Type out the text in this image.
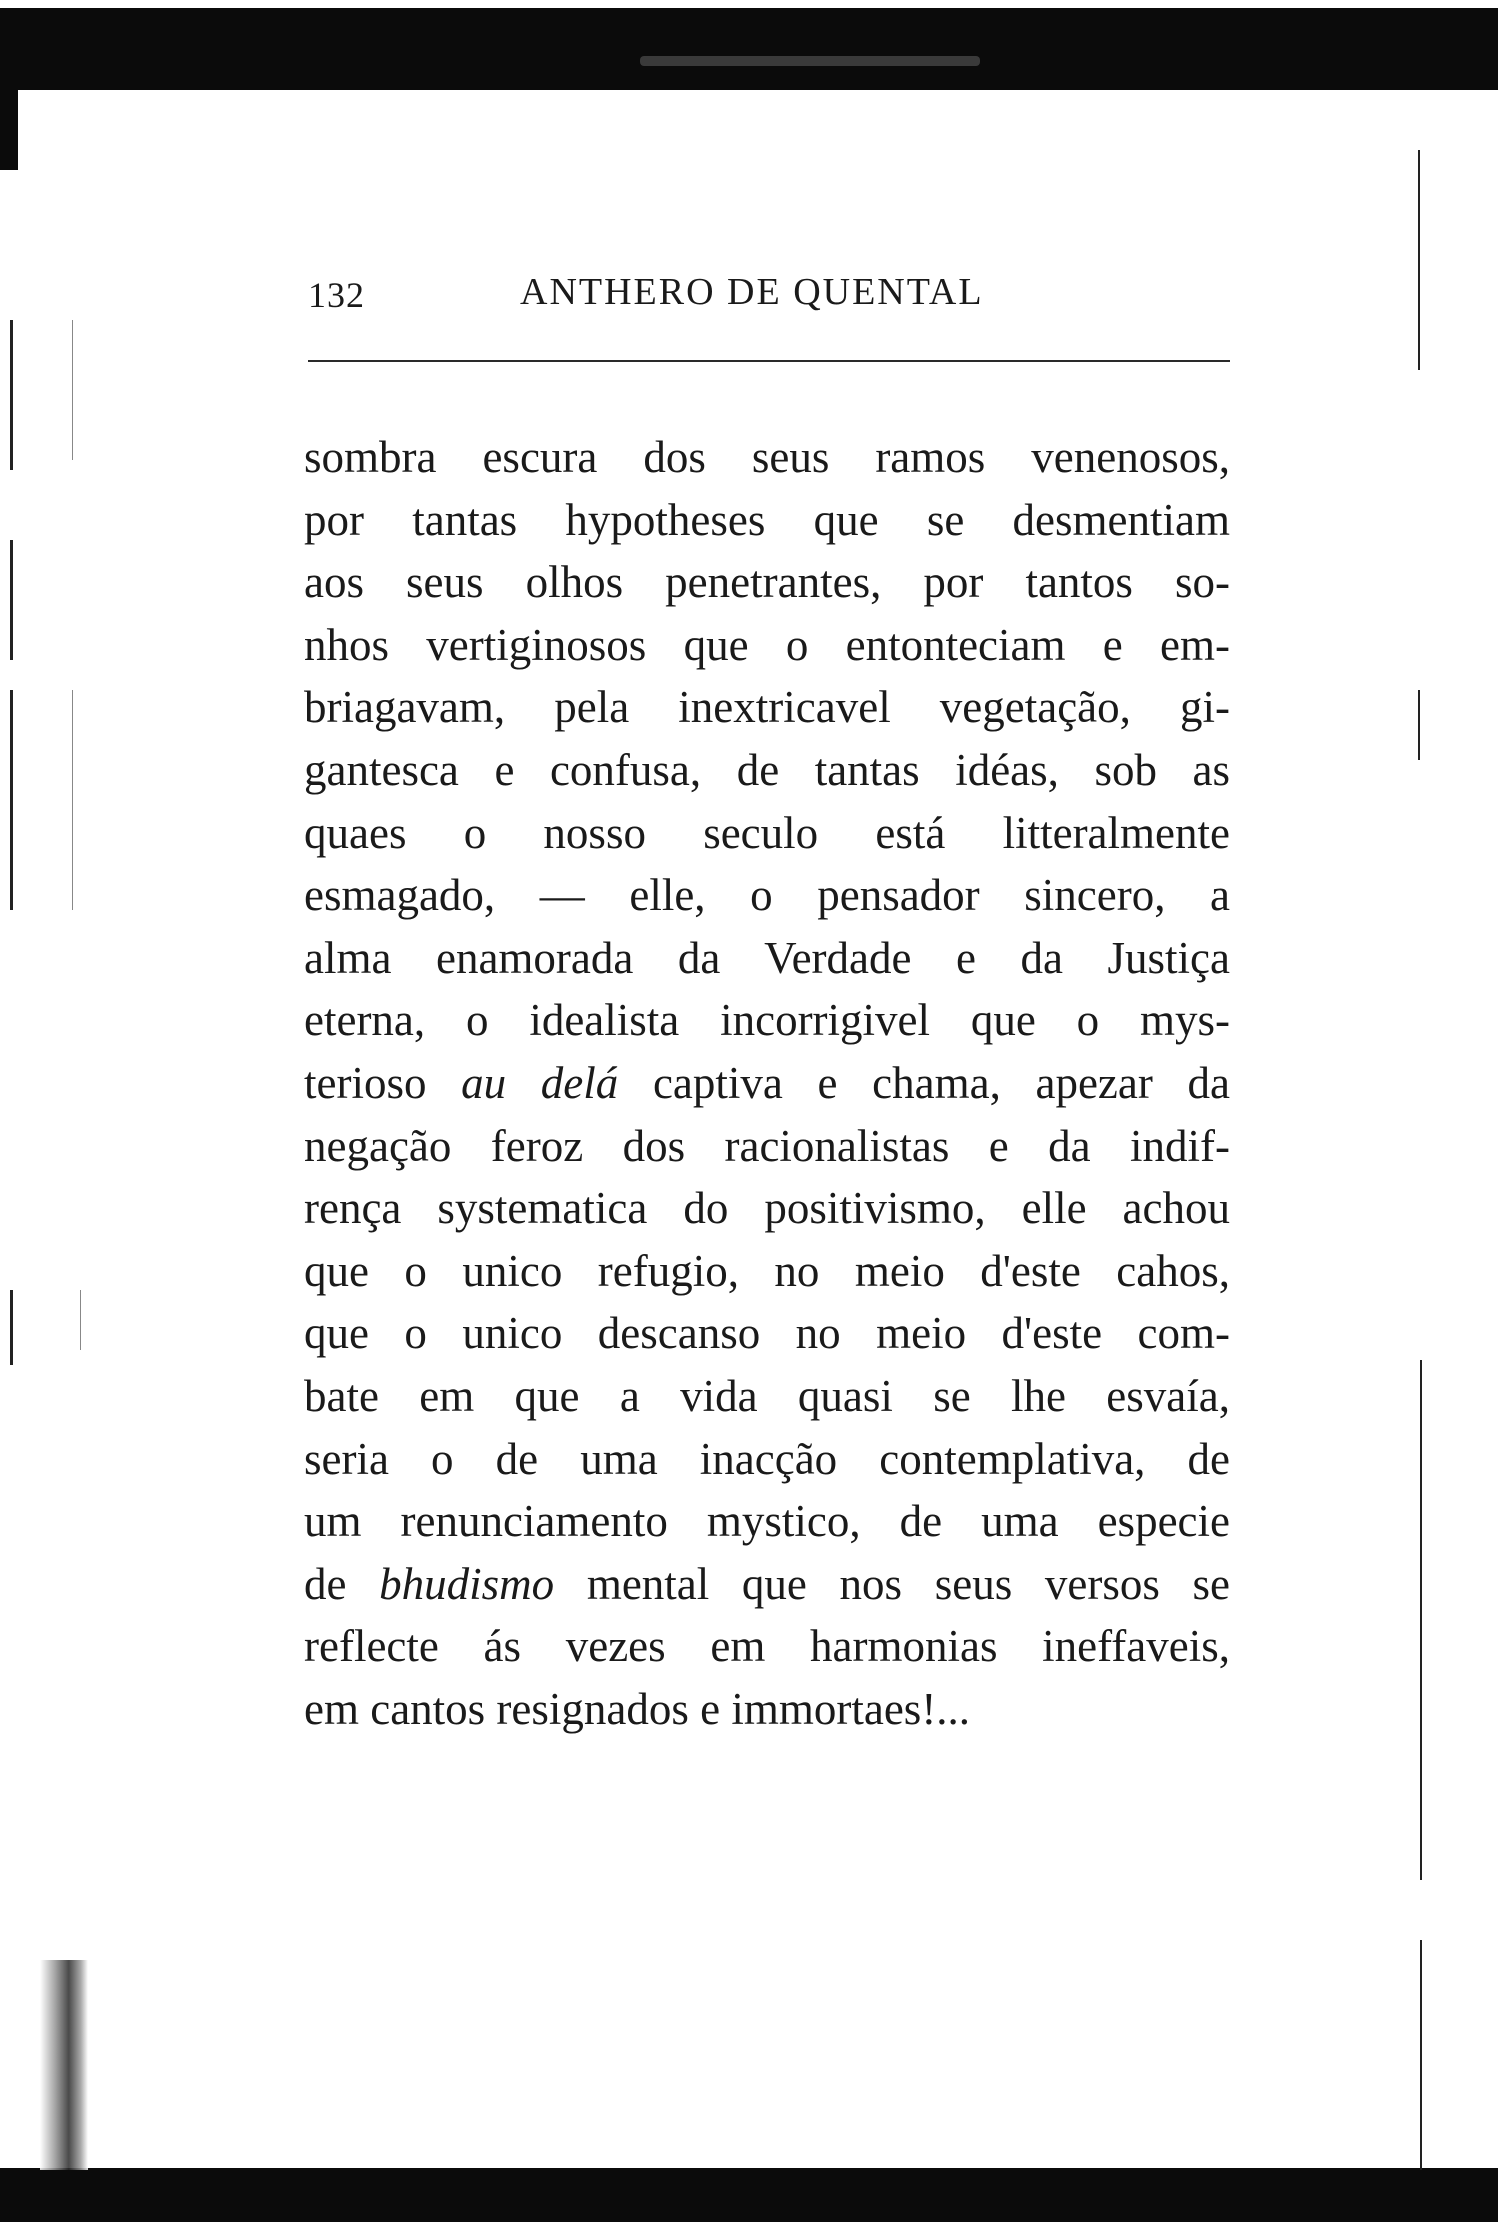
132	ANTHERO DE QUENTAL
sombra escura dos seus ramos venenosos,
por tantas hypotheses que se desmentiam
aos seus olhos penetrantes, por tantos so-
nhos vertiginosos que o entonteciam e em-
briagavam, pela inextricavel vegetação, gi-
gantesca e confusa, de tantas idéas, sob as
quaes o nosso seculo está litteralmente
esmagado, — elle, o pensador sincero, a
alma enamorada da Verdade e da Justiça
eterna, o idealista incorrigivel que o mys-
terioso au delá captiva e chama, apezar da
negação feroz dos racionalistas e da indif-
rença systematica do positivismo, elle achou
que o unico refugio, no meio d'este cahos,
que o unico descanso no meio d'este com-
bate em que a vida quasi se lhe esvaía,
seria o de uma inacção contemplativa, de
um renunciamento mystico, de uma especie
de bhudismo mental que nos seus versos se
reflecte ás vezes em harmonias ineffaveis,
em cantos resignados e immortaes!...
